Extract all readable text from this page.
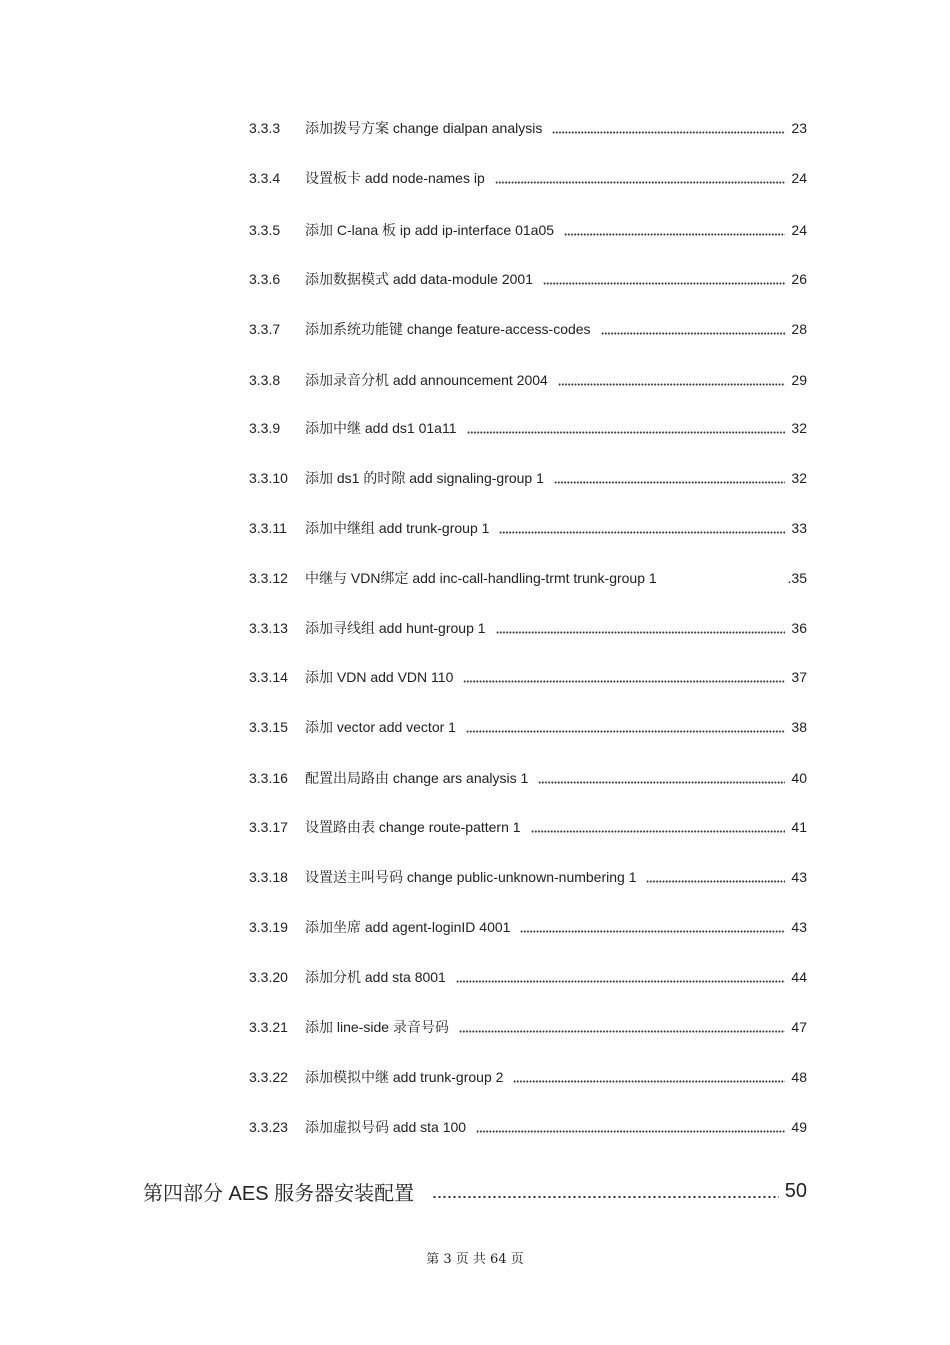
3.3.3	添加拨号方案 change dialpan analysis	23
3.3.4	设置板卡 add node-names ip	24
3.3.5	添加 C-lana 板 ip add ip-interface 01a05	24
3.3.6	添加数据模式 add data-module 2001	26
3.3.7	添加系统功能键 change feature-access-codes	28
3.3.8	添加录音分机 add announcement 2004	29
3.3.9	添加中继 add ds1 01a11	32
3.3.10 添加 ds1 的时隙 add signaling-group 1	32
3.3.11 添加中继组 add trunk-group 1	33
3.3.12 中继与 VDN绑定 add inc-call-handling-trmt trunk-group 1	.35
3.3.13 添加寻线组 add hunt-group 1	36
3.3.14 添加 VDN add VDN 110	37
3.3.15 添加 vector add vector 1	38
3.3.16 配置出局路由 change ars analysis 1	40
3.3.17 设置路由表 change route-pattern 1	41
3.3.18 设置送主叫号码 change public-unknown-numbering 1	43
3.3.19 添加坐席 add agent-loginID 4001	43
3.3.20 添加分机 add sta 8001	44
3.3.21 添加 line-side 录音号码	47
3.3.22 添加模拟中继 add trunk-group 2	48
3.3.23 添加虚拟号码 add sta 100	49
第四部分 AES 服务器安装配置	50
第 3 页 共 64 页
